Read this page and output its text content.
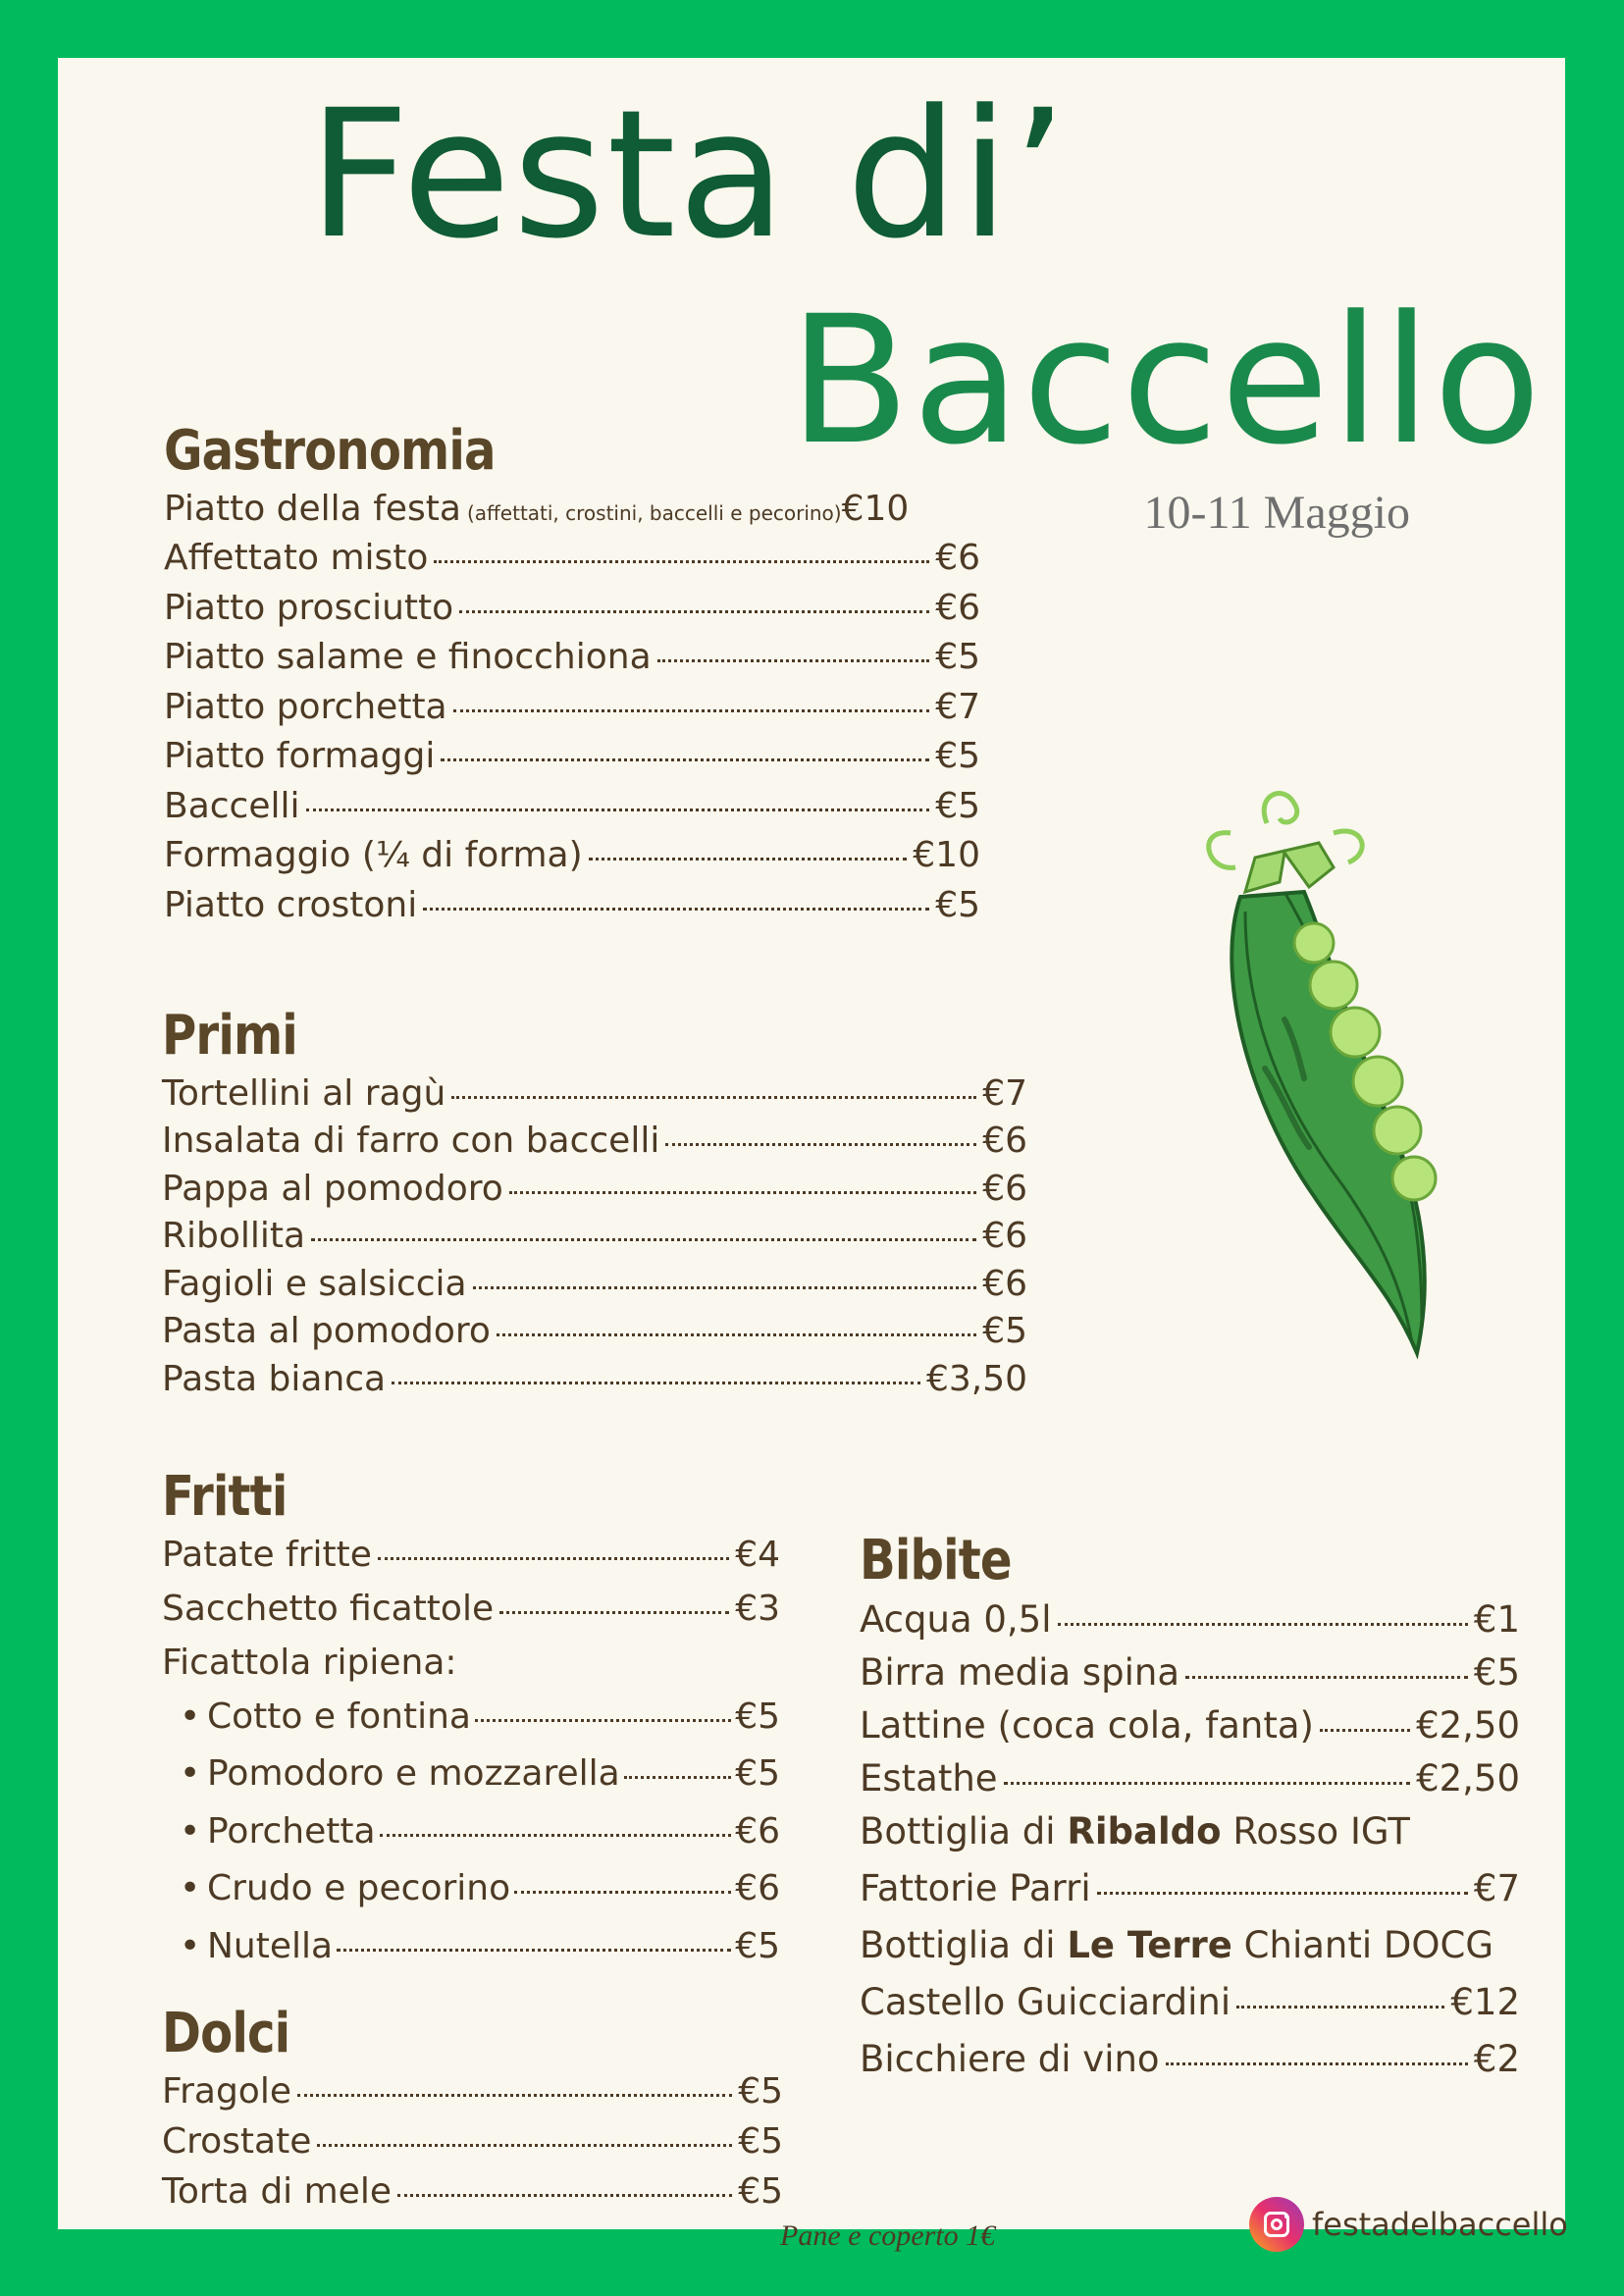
Festa di’
Baccello
10-11 Maggio
Gastronomia
Piatto della festa (affettati, crostini, baccelli e pecorino) €10
Affettato misto	€6
Piatto prosciutto	€6
Piatto salame e finocchiona	€5
Piatto porchetta	€7
Piatto formaggi	€5
Baccelli	€5
Formaggio (¼ di forma)	€10
Piatto crostoni	€5
Primi
Tortellini al ragù	€7
Insalata di farro con baccelli	€6
Pappa al pomodoro	€6
Ribollita	€6
Fagioli e salsiccia	€6
Pasta al pomodoro	€5
Pasta bianca	€3,50
Fritti
Patate fritte	€4
Sacchetto ficattole	€3
Ficattola ripiena:
• Cotto e fontina	€5
• Pomodoro e mozzarella	€5
• Porchetta	€6
• Crudo e pecorino	€6
• Nutella	€5
Dolci
Fragole	€5
Crostate	€5
Torta di mele	€5
Bibite
Acqua 0,5l	€1
Birra media spina	€5
Lattine (coca cola, fanta)	€2,50
Estathe	€2,50
Bottiglia di Ribaldo Rosso IGT
Fattorie Parri	€7
Bottiglia di Le Terre Chianti DOCG
Castello Guicciardini	€12
Bicchiere di vino	€2
Pane e coperto 1€	festadelbaccello
